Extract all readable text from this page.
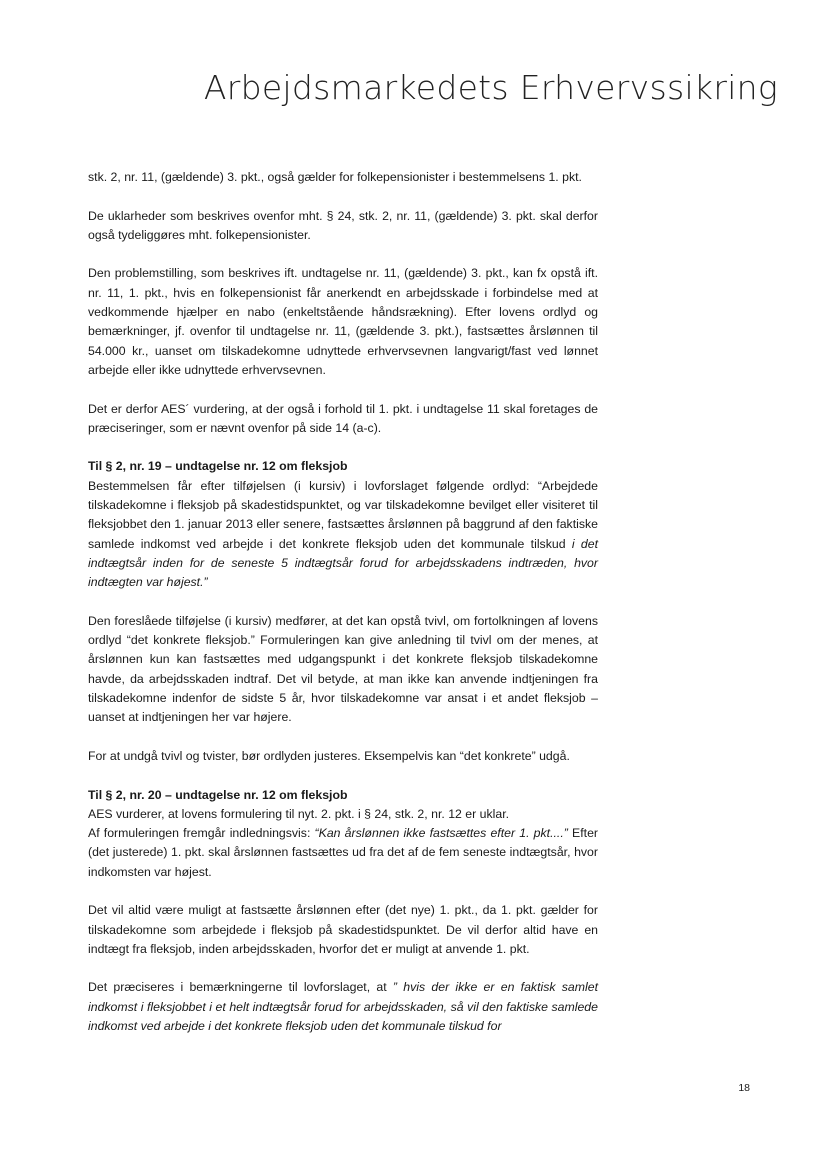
Arbejdsmarkedets Erhvervssikring

stk. 2, nr. 11, (gældende) 3. pkt., også gælder for folkepensionister i bestemmelsens 1. pkt.

De uklarheder som beskrives ovenfor mht. § 24, stk. 2, nr. 11, (gældende) 3. pkt. skal derfor også tydeliggøres mht. folkepensionister.

Den problemstilling, som beskrives ift. undtagelse nr. 11, (gældende) 3. pkt., kan fx opstå ift. nr. 11, 1. pkt., hvis en folkepensionist får anerkendt en arbejdsskade i forbindelse med at vedkommende hjælper en nabo (enkeltstående håndsrækning). Efter lovens ordlyd og bemærkninger, jf. ovenfor til undtagelse nr. 11, (gældende 3. pkt.), fastsættes årslønnen til 54.000 kr., uanset om tilskadekomne udnyttede erhvervsevnen langvarigt/fast ved lønnet arbejde eller ikke udnyttede erhvervsevnen.

Det er derfor AES´ vurdering, at der også i forhold til 1. pkt. i undtagelse 11 skal foretages de præciseringer, som er nævnt ovenfor på side 14 (a-c).

Til § 2, nr. 19 – undtagelse nr. 12 om fleksjob
Bestemmelsen får efter tilføjelsen (i kursiv) i lovforslaget følgende ordlyd: “Arbejdede tilskadekomne i fleksjob på skadestidspunktet, og var tilskadekomne bevilget eller visiteret til fleksjobbet den 1. januar 2013 eller senere, fastsættes årslønnen på baggrund af den faktiske samlede indkomst ved arbejde i det konkrete fleksjob uden det kommunale tilskud i det indtægtsår inden for de seneste 5 indtægtsår forud for arbejdsskadens indtræden, hvor indtægten var højest.”

Den foreslåede tilføjelse (i kursiv) medfører, at det kan opstå tvivl, om fortolkningen af lovens ordlyd “det konkrete fleksjob.” Formuleringen kan give anledning til tvivl om der menes, at årslønnen kun kan fastsættes med udgangspunkt i det konkrete fleksjob tilskadekomne havde, da arbejdsskaden indtraf. Det vil betyde, at man ikke kan anvende indtjeningen fra tilskadekomne indenfor de sidste 5 år, hvor tilskadekomne var ansat i et andet fleksjob – uanset at indtjeningen her var højere.

For at undgå tvivl og tvister, bør ordlyden justeres. Eksempelvis kan “det konkrete” udgå.

Til § 2, nr. 20 – undtagelse nr. 12 om fleksjob
AES vurderer, at lovens formulering til nyt. 2. pkt. i § 24, stk. 2, nr. 12 er uklar.
Af formuleringen fremgår indledningsvis: “Kan årslønnen ikke fastsættes efter 1. pkt....” Efter (det justerede) 1. pkt. skal årslønnen fastsættes ud fra det af de fem seneste indtægtsår, hvor indkomsten var højest.

Det vil altid være muligt at fastsætte årslønnen efter (det nye) 1. pkt., da 1. pkt. gælder for tilskadekomne som arbejdede i fleksjob på skadestidspunktet. De vil derfor altid have en indtægt fra fleksjob, inden arbejdsskaden, hvorfor det er muligt at anvende 1. pkt.

Det præciseres i bemærkningerne til lovforslaget, at ” hvis der ikke er en faktisk samlet indkomst i fleksjobbet i et helt indtægtsår forud for arbejdsskaden, så vil den faktiske samlede indkomst ved arbejde i det konkrete fleksjob uden det kommunale tilskud for

18
